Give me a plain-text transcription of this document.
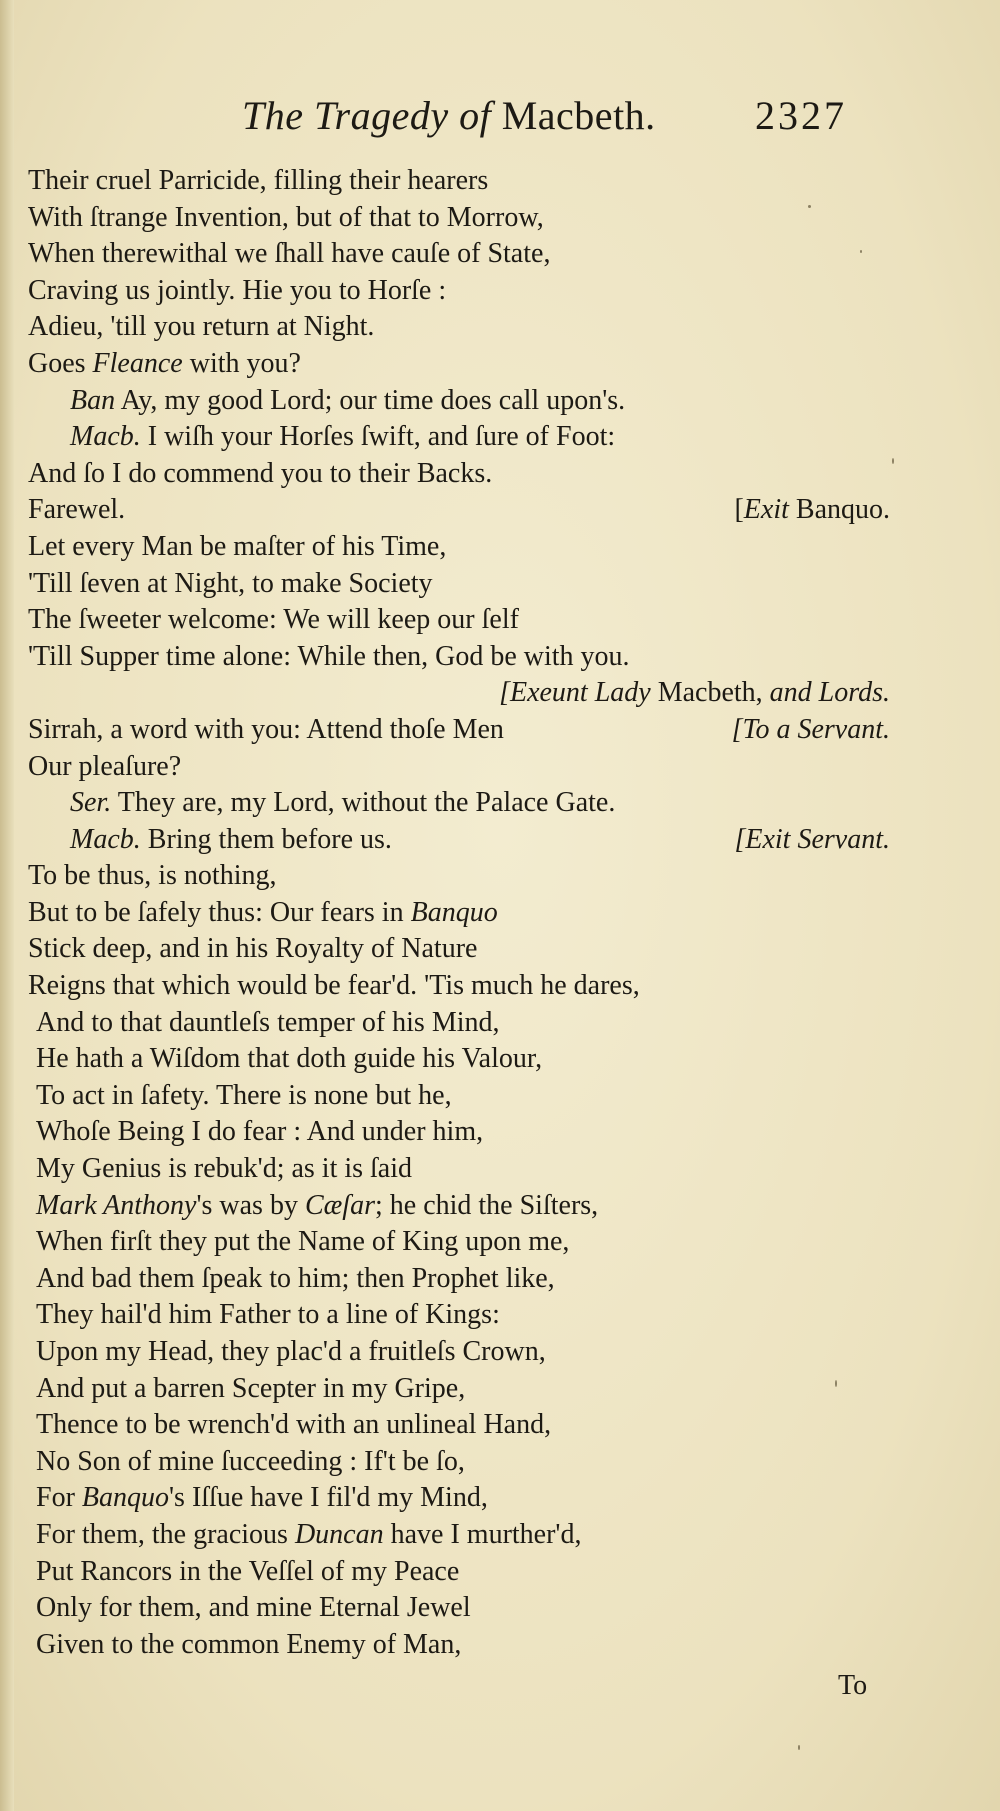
The Tragedy of Macbeth. 2327
Their cruel Parricide, filling their hearers
With ſtrange Invention, but of that to Morrow,
When therewithal we ſhall have cauſe of State,
Craving us jointly. Hie you to Horſe :
Adieu, 'till you return at Night.
Goes Fleance with you?
Ban Ay, my good Lord; our time does call upon's.
Macb. I wiſh your Horſes ſwift, and ſure of Foot:
And ſo I do commend you to their Backs.
Farewel.	[Exit Banquo.
Let every Man be maſter of his Time,
'Till ſeven at Night, to make Society
The ſweeter welcome: We will keep our ſelf
'Till Supper time alone: While then, God be with you.
[Exeunt Lady Macbeth, and Lords.
Sirrah, a word with you: Attend thoſe Men	[To a Servant.
Our pleaſure?
Ser. They are, my Lord, without the Palace Gate.
Macb. Bring them before us.	[Exit Servant.
To be thus, is nothing,
But to be ſafely thus: Our fears in Banquo
Stick deep, and in his Royalty of Nature
Reigns that which would be fear'd. 'Tis much he dares,
And to that dauntleſs temper of his Mind,
He hath a Wiſdom that doth guide his Valour,
To act in ſafety. There is none but he,
Whoſe Being I do fear : And under him,
My Genius is rebuk'd; as it is ſaid
Mark Anthony's was by Cæſar; he chid the Siſters,
When firſt they put the Name of King upon me,
And bad them ſpeak to him; then Prophet like,
They hail'd him Father to a line of Kings:
Upon my Head, they plac'd a fruitleſs Crown,
And put a barren Scepter in my Gripe,
Thence to be wrench'd with an unlineal Hand,
No Son of mine ſucceeding : If't be ſo,
For Banquo's Iſſue have I fil'd my Mind,
For them, the gracious Duncan have I murther'd,
Put Rancors in the Veſſel of my Peace
Only for them, and mine Eternal Jewel
Given to the common Enemy of Man,
To
